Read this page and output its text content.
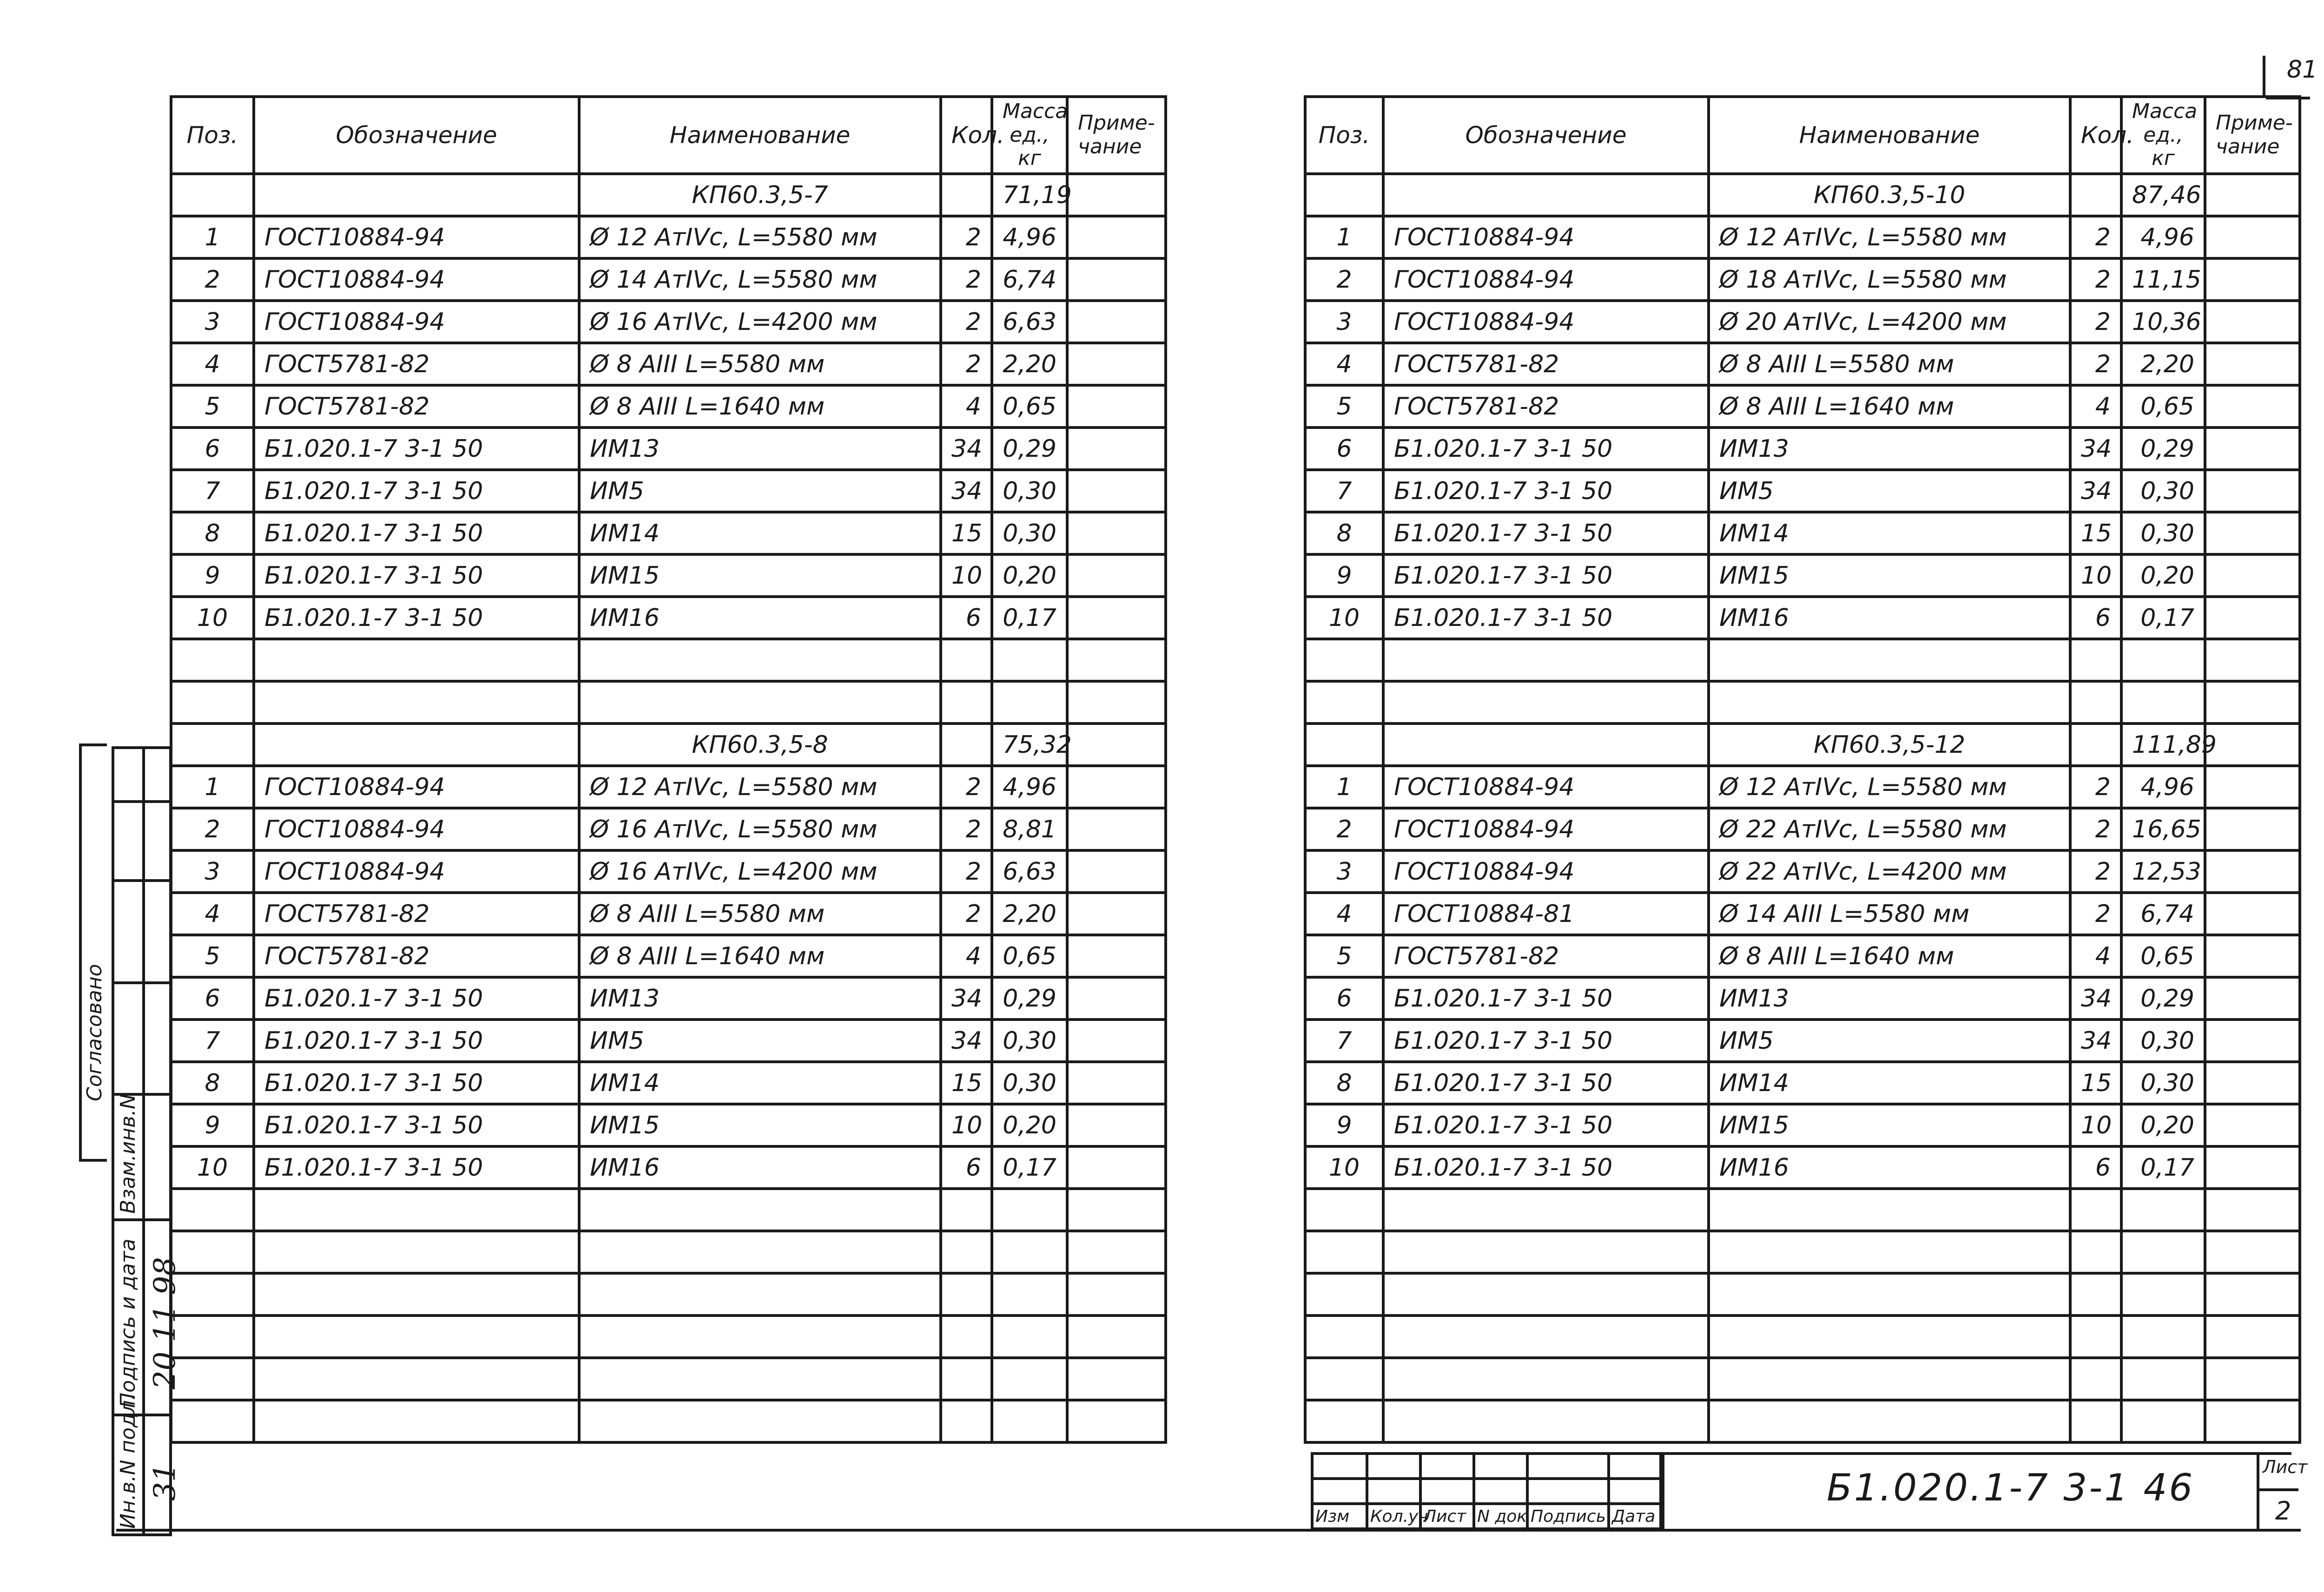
81
Поз.	Обозначение	Наименование	Кол.	Масса ед., кг	Приме- чание
		КП60.3,5-7		71,19	
1	ГОСТ10884-94	Ø 12 АтIVс, L=5580 мм	2	4,96	
2	ГОСТ10884-94	Ø 14 АтIVс, L=5580 мм	2	6,74	
3	ГОСТ10884-94	Ø 16 АтIVс, L=4200 мм	2	6,63	
4	ГОСТ5781-82	Ø 8 АIII L=5580 мм	2	2,20	
5	ГОСТ5781-82	Ø 8 АIII L=1640 мм	4	0,65	
6	Б1.020.1-7 3-1 50	ИМ13	34	0,29	
7	Б1.020.1-7 3-1 50	ИМ5	34	0,30	
8	Б1.020.1-7 3-1 50	ИМ14	15	0,30	
9	Б1.020.1-7 3-1 50	ИМ15	10	0,20	
10	Б1.020.1-7 3-1 50	ИМ16	6	0,17	

		КП60.3,5-8		75,32	
1	ГОСТ10884-94	Ø 12 АтIVс, L=5580 мм	2	4,96	
2	ГОСТ10884-94	Ø 16 АтIVс, L=5580 мм	2	8,81	
3	ГОСТ10884-94	Ø 16 АтIVс, L=4200 мм	2	6,63	
4	ГОСТ5781-82	Ø 8 АIII L=5580 мм	2	2,20	
5	ГОСТ5781-82	Ø 8 АIII L=1640 мм	4	0,65	
6	Б1.020.1-7 3-1 50	ИМ13	34	0,29	
7	Б1.020.1-7 3-1 50	ИМ5	34	0,30	
8	Б1.020.1-7 3-1 50	ИМ14	15	0,30	
9	Б1.020.1-7 3-1 50	ИМ15	10	0,20	
10	Б1.020.1-7 3-1 50	ИМ16	6	0,17	

Поз.	Обозначение	Наименование	Кол.	Масса ед., кг	Приме- чание
		КП60.3,5-10		87,46	
1	ГОСТ10884-94	Ø 12 АтIVс, L=5580 мм	2	4,96	
2	ГОСТ10884-94	Ø 18 АтIVс, L=5580 мм	2	11,15	
3	ГОСТ10884-94	Ø 20 АтIVс, L=4200 мм	2	10,36	
4	ГОСТ5781-82	Ø 8 АIII L=5580 мм	2	2,20	
5	ГОСТ5781-82	Ø 8 АIII L=1640 мм	4	0,65	
6	Б1.020.1-7 3-1 50	ИМ13	34	0,29	
7	Б1.020.1-7 3-1 50	ИМ5	34	0,30	
8	Б1.020.1-7 3-1 50	ИМ14	15	0,30	
9	Б1.020.1-7 3-1 50	ИМ15	10	0,20	
10	Б1.020.1-7 3-1 50	ИМ16	6	0,17	

		КП60.3,5-12		111,89	
1	ГОСТ10884-94	Ø 12 АтIVс, L=5580 мм	2	4,96	
2	ГОСТ10884-94	Ø 22 АтIVс, L=5580 мм	2	16,65	
3	ГОСТ10884-94	Ø 22 АтIVс, L=4200 мм	2	12,53	
4	ГОСТ10884-81	Ø 14 АIII L=5580 мм	2	6,74	
5	ГОСТ5781-82	Ø 8 АIII L=1640 мм	4	0,65	
6	Б1.020.1-7 3-1 50	ИМ13	34	0,29	
7	Б1.020.1-7 3-1 50	ИМ5	34	0,30	
8	Б1.020.1-7 3-1 50	ИМ14	15	0,30	
9	Б1.020.1-7 3-1 50	ИМ15	10	0,20	
10	Б1.020.1-7 3-1 50	ИМ16	6	0,17	

Согласовано
Взам.инв.N
Подпись и дата
Ин.в.N подл.
20 11 98
31

Изм	Кол.уч	Лист	N док	Подпись	Дата
Б1.020.1-7 3-1 46	Лист
2
